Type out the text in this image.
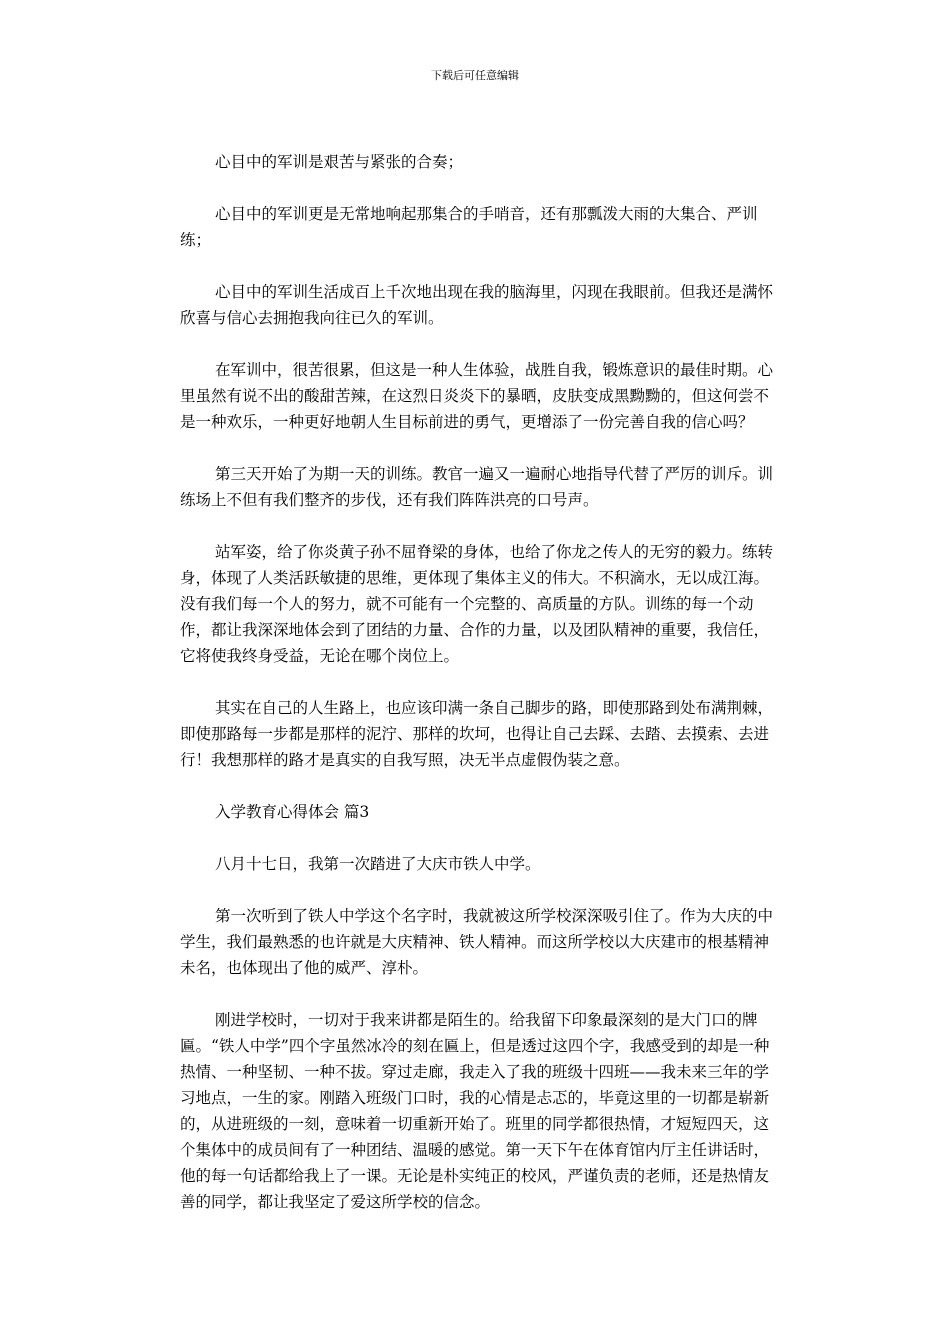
下载后可任意编辑

心目中的军训是艰苦与紧张的合奏；

心目中的军训更是无常地响起那集合的手哨音，还有那瓢泼大雨的大集合、严训练；

心目中的军训生活成百上千次地出现在我的脑海里，闪现在我眼前。但我还是满怀欣喜与信心去拥抱我向往已久的军训。

在军训中，很苦很累，但这是一种人生体验，战胜自我，锻炼意识的最佳时期。心里虽然有说不出的酸甜苦辣，在这烈日炎炎下的暴晒，皮肤变成黑黝黝的，但这何尝不是一种欢乐，一种更好地朝人生目标前进的勇气，更增添了一份完善自我的信心吗？

第三天开始了为期一天的训练。教官一遍又一遍耐心地指导代替了严厉的训斥。训练场上不但有我们整齐的步伐，还有我们阵阵洪亮的口号声。

站军姿，给了你炎黄子孙不屈脊梁的身体，也给了你龙之传人的无穷的毅力。练转身，体现了人类活跃敏捷的思维，更体现了集体主义的伟大。不积滴水，无以成江海。没有我们每一个人的努力，就不可能有一个完整的、高质量的方队。训练的每一个动作，都让我深深地体会到了团结的力量、合作的力量，以及团队精神的重要，我信任，它将使我终身受益，无论在哪个岗位上。

其实在自己的人生路上，也应该印满一条自己脚步的路，即使那路到处布满荆棘，即使那路每一步都是那样的泥泞、那样的坎坷，也得让自己去踩、去踏、去摸索、去进行！我想那样的路才是真实的自我写照，决无半点虚假伪装之意。

入学教育心得体会 篇3

八月十七日，我第一次踏进了大庆市铁人中学。

第一次听到了铁人中学这个名字时，我就被这所学校深深吸引住了。作为大庆的中学生，我们最熟悉的也许就是大庆精神、铁人精神。而这所学校以大庆建市的根基精神未名，也体现出了他的威严、淳朴。

刚进学校时，一切对于我来讲都是陌生的。给我留下印象最深刻的是大门口的牌匾。“铁人中学”四个字虽然冰冷的刻在匾上，但是透过这四个字，我感受到的却是一种热情、一种坚韧、一种不拔。穿过走廊，我走入了我的班级十四班——我未来三年的学习地点，一生的家。刚踏入班级门口时，我的心情是忐忑的，毕竟这里的一切都是崭新的，从进班级的一刻，意味着一切重新开始了。班里的同学都很热情，才短短四天，这个集体中的成员间有了一种团结、温暖的感觉。第一天下午在体育馆内厅主任讲话时，他的每一句话都给我上了一课。无论是朴实纯正的校风，严谨负责的老师，还是热情友善的同学，都让我坚定了爱这所学校的信念。
